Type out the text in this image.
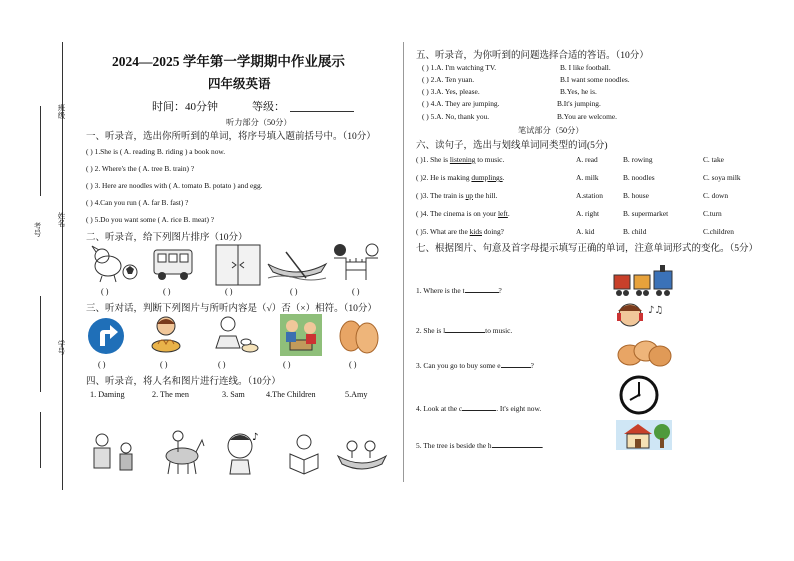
班级
姓名
学号
考号
2024—2025 学年第一学期期中作业展示
四年级英语
时间：40分钟	等级：
听力部分（50分）
一、听录音，选出你所听到的单词，将序号填入题前括号中。（10分）
( ) 1.She is ( A. reading B. riding ) a book now.
( ) 2. Where's the ( A. tree B. train) ?
( ) 3. Here are noodles with ( A. tomato B. potato ) and egg.
( ) 4.Can you run ( A. far B. fast) ?
( ) 5.Do you want some ( A. rice B. meat) ?
二、听录音，给下列图片排序（10分）
( )	( )	( )	( )	( )
三、听对话，判断下列图片与所听内容是（√）否（×）相符。（10分）
( )	( )	( )	( )	( )
四、听录音，将人名和图片进行连线。（10分）
1. Daming	2. The men	3. Sam	4.The Children	5.Amy
♪
五、听录音，为你听到的问题选择合适的答语。（10分）
( ) 1.A. I'm watching TV.	B. I like football.
( ) 2.A. Ten yuan.	B.I want some noodles.
( ) 3.A. Yes, please.	B.Yes, he is.
( ) 4.A. They are jumping.	B.It's jumping.
( ) 5.A. No, thank you.	B.You are welcome.
笔试部分（50分）
六、读句子，选出与划线单词同类型的词(5分)
( )1. She is listening to music.	A. read	B. rowing	C. take
( )2. He is making dumplings.	A. milk	B. noodles	C. soya milk
( )3. The train is up the hill.	A.station	B. house	C. down
( )4. The cinema is on your left.	A. right	B. supermarket	C.turn
( )5. What are the kids doing?	A. kid	B. child	C.children
七、根据图片、句意及首字母提示填写正确的单词，注意单词形式的变化。（5分）
1. Where is the t	?
2. She is l	to music.
3. Can you go to buy some e	?
4. Look at the c	. It's eight now.
5. The tree is beside the h	.
♪♫
